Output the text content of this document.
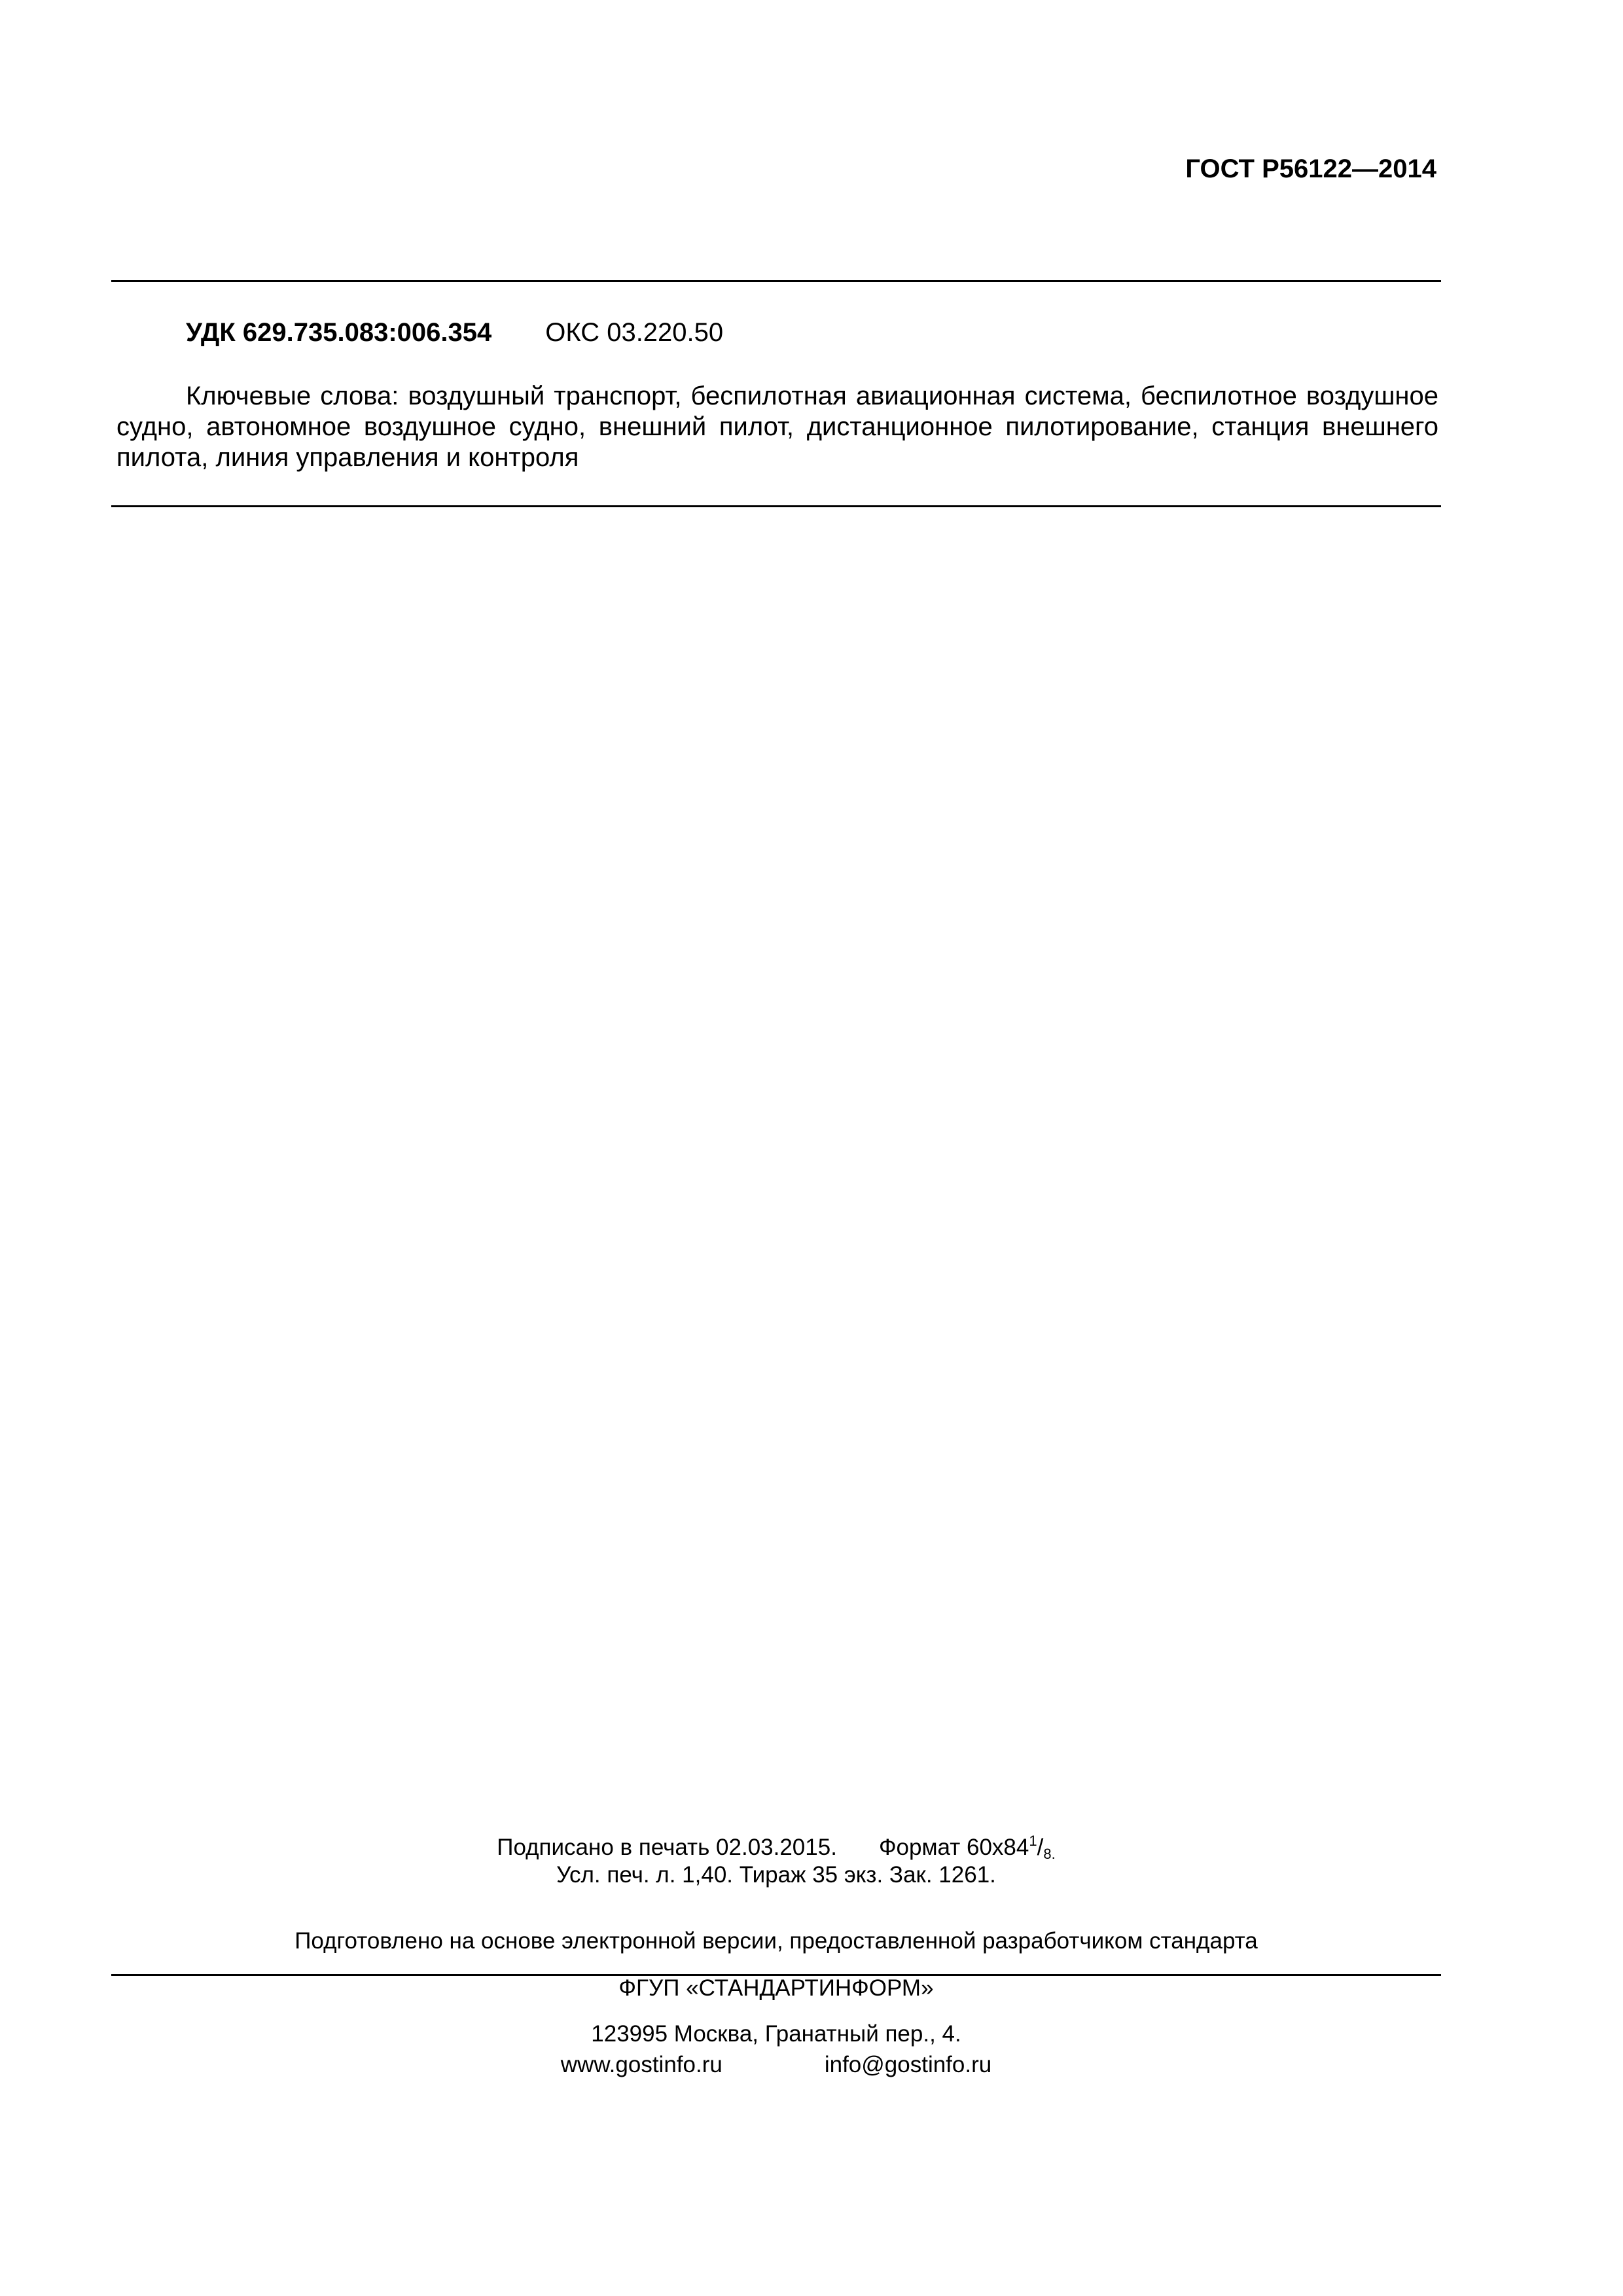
ГОСТ Р56122—2014
УДК 629.735.083:006.354 ОКС 03.220.50

Ключевые слова: воздушный транспорт, беспилотная авиационная система, беспилотное воздушное судно, автономное воздушное судно, внешний пилот, дистанционное пилотирование, станция внешнего пилота, линия управления и контроля

Подписано в печать 02.03.2015. Формат $60x84^1/8$.
Усл. печ. л. 1,40. Тираж 35 экз. Зак. 1261.
Подготовлено на основе электронной версии, предоставленной разработчиком стандарта
ФГУП «СТАНДАРТИНФОРМ»
123995 Москва, Гранатный пер., 4.
www.gostinfo.ru	info@gostinfo.ru
